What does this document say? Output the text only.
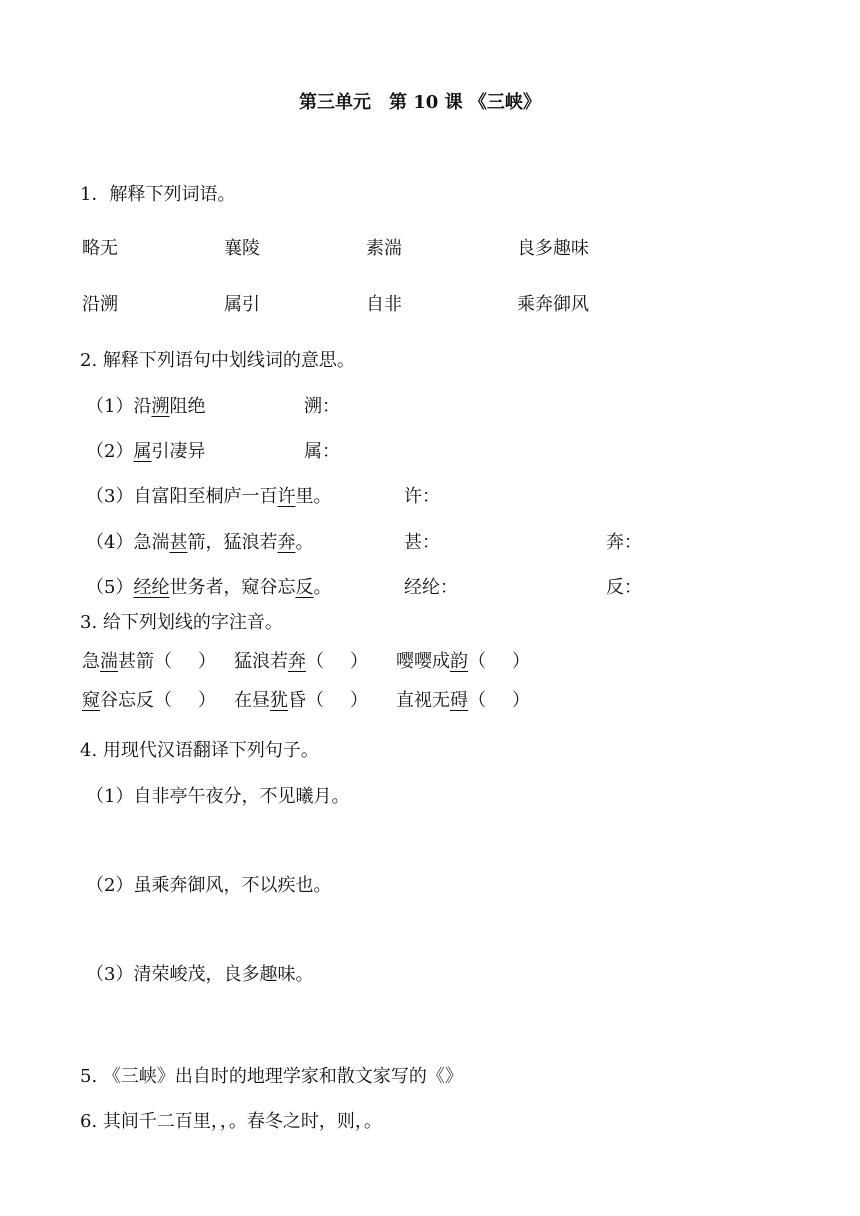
第三单元　第 10 课 《三峡》
1．解释下列词语。
略无	襄陵	素湍	良多趣味
沿溯	属引	自非	乘奔御风
2. 解释下列语句中划线词的意思。
（1）沿溯阻绝	溯：
（2）属引凄异	属：
（3）自富阳至桐庐一百许里。	许：
（4）急湍甚箭，猛浪若奔。	甚：	奔：
（5）经纶世务者，窥谷忘反。	经纶：	反：
3. 给下列划线的字注音。
急湍甚箭（ ） 猛浪若奔（ ） 嘤嘤成韵（ ）
窥谷忘反（ ） 在昼犹昏（ ） 直视无碍（ ）
4. 用现代汉语翻译下列句子。
（1）自非亭午夜分，不见曦月。
（2）虽乘奔御风，不以疾也。
（3）清荣峻茂，良多趣味。
5. 《三峡》出自时的地理学家和散文家写的《》
6. 其间千二百里，，。春冬之时，则，。
